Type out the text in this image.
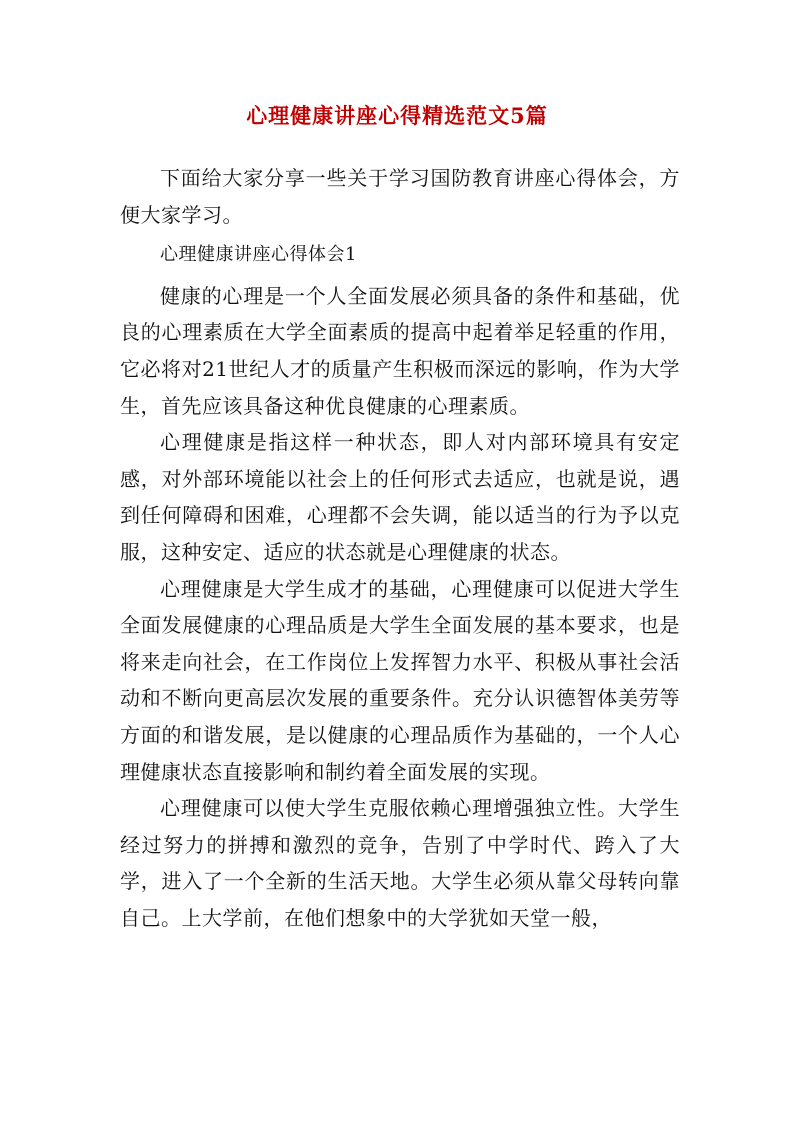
心理健康讲座心得精选范文5篇

下面给大家分享一些关于学习国防教育讲座心得体会，方便大家学习。

心理健康讲座心得体会1

健康的心理是一个人全面发展必须具备的条件和基础，优良的心理素质在大学全面素质的提高中起着举足轻重的作用，它必将对21世纪人才的质量产生积极而深远的影响，作为大学生，首先应该具备这种优良健康的心理素质。

心理健康是指这样一种状态，即人对内部环境具有安定感，对外部环境能以社会上的任何形式去适应，也就是说，遇到任何障碍和困难，心理都不会失调，能以适当的行为予以克服，这种安定、适应的状态就是心理健康的状态。

心理健康是大学生成才的基础，心理健康可以促进大学生全面发展健康的心理品质是大学生全面发展的基本要求，也是将来走向社会，在工作岗位上发挥智力水平、积极从事社会活动和不断向更高层次发展的重要条件。充分认识德智体美劳等方面的和谐发展，是以健康的心理品质作为基础的，一个人心理健康状态直接影响和制约着全面发展的实现。

心理健康可以使大学生克服依赖心理增强独立性。大学生经过努力的拼搏和激烈的竞争，告别了中学时代、跨入了大学，进入了一个全新的生活天地。大学生必须从靠父母转向靠自己。上大学前，在他们想象中的大学犹如天堂一般，
